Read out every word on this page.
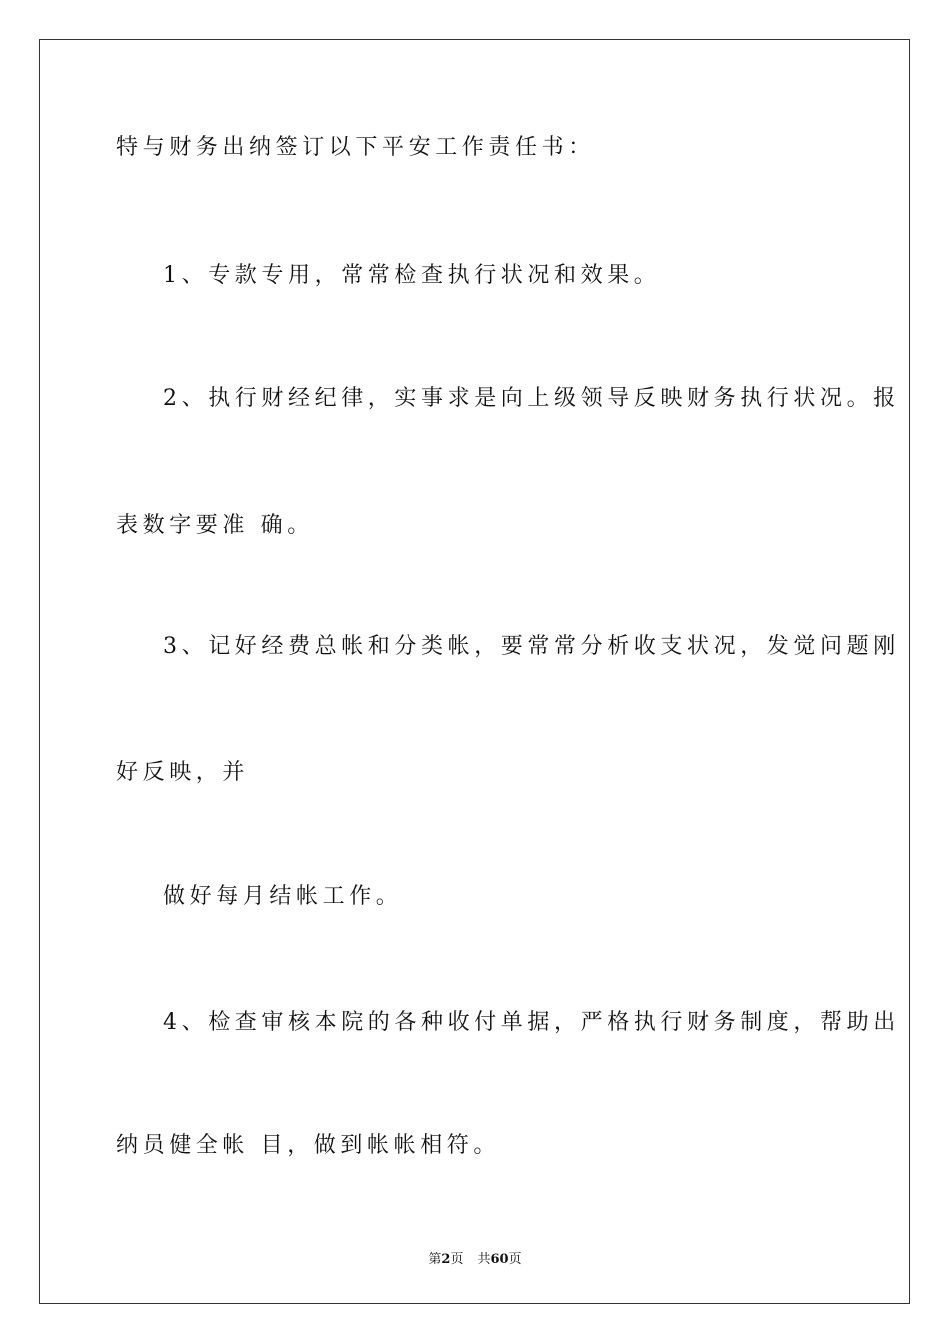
特与财务出纳签订以下平安工作责任书：
1、专款专用，常常检查执行状况和效果。
2、执行财经纪律，实事求是向上级领导反映财务执行状况。报
表数字要准 确。
3、记好经费总帐和分类帐，要常常分析收支状况，发觉问题刚
好反映，并
做好每月结帐工作。
4、检查审核本院的各种收付单据，严格执行财务制度，帮助出
纳员健全帐 目，做到帐帐相符。
第2页 共60页
